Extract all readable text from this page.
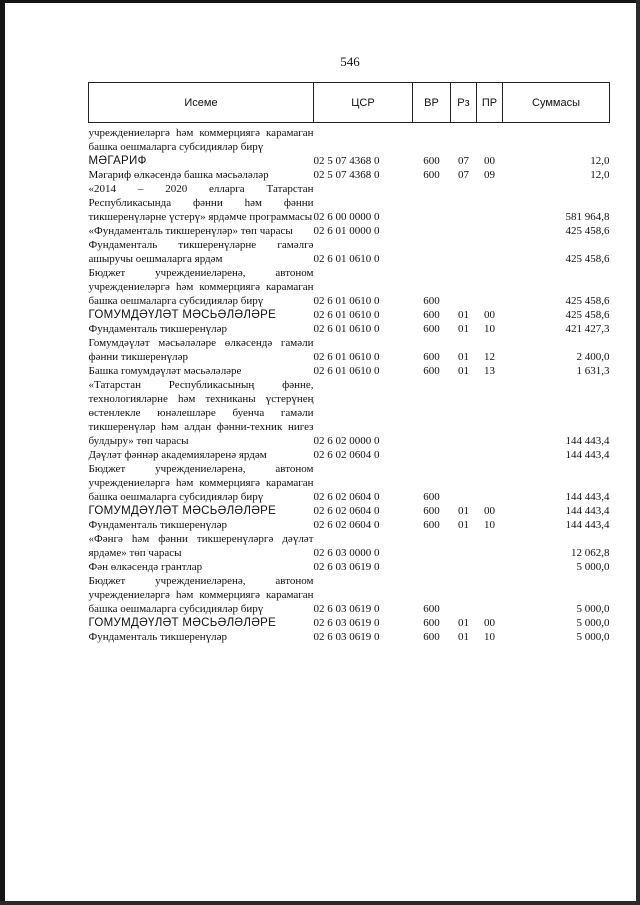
546
Исеме	ЦСР	ВР	Рз	ПР	Суммасы
учреждениеләргә һәм коммерциягә карамаган башка оешмаларга субсидияләр бирү					
МӘГАРИФ	02 5 07 4368 0	600	07	00	12,0
Мәгариф өлкәсендә башка мәсьәләләр	02 5 07 4368 0	600	07	09	12,0
«2014 – 2020 елларга Татарстан Республикасында фәнни һәм фәнни тикшеренүләрне үстерү» ярдәмче программасы	02 6 00 0000 0				581 964,8
«Фундаменталь тикшеренүләр» төп чарасы	02 6 01 0000 0				425 458,6
Фундаменталь тикшеренүләрне гамәлгә ашыручы оешмаларга ярдәм	02 6 01 0610 0				425 458,6
Бюджет учреждениеләренә, автоном учреждениеләргә һәм коммерциягә карамаган башка оешмаларга субсидияләр бирү	02 6 01 0610 0	600			425 458,6
ГОМУМДӘҮЛӘТ МӘСЬӘЛӘЛӘРЕ	02 6 01 0610 0	600	01	00	425 458,6
Фундаменталь тикшеренүләр	02 6 01 0610 0	600	01	10	421 427,3
Гомумдәүләт мәсьәләләре өлкәсендә гамәли фәнни тикшеренүләр	02 6 01 0610 0	600	01	12	2 400,0
Башка гомумдәүләт мәсьәләләре	02 6 01 0610 0	600	01	13	1 631,3
«Татарстан Республикасының фәнне, технологияләрне һәм техниканы үстерүнең өстенлекле юнәлешләре буенча гамәли тикшеренүләр һәм алдан фәнни-техник нигез булдыру» төп чарасы	02 6 02 0000 0				144 443,4
Дәүләт фәннәр академияләренә ярдәм	02 6 02 0604 0				144 443,4
Бюджет учреждениеләренә, автоном учреждениеләргә һәм коммерциягә карамаган башка оешмаларга субсидияләр бирү	02 6 02 0604 0	600			144 443,4
ГОМУМДӘҮЛӘТ МӘСЬӘЛӘЛӘРЕ	02 6 02 0604 0	600	01	00	144 443,4
Фундаменталь тикшеренүләр	02 6 02 0604 0	600	01	10	144 443,4
«Фәнгә һәм фәнни тикшеренүләргә дәүләт ярдәме» төп чарасы	02 6 03 0000 0				12 062,8
Фән өлкәсендә грантлар	02 6 03 0619 0				5 000,0
Бюджет учреждениеләренә, автоном учреждениеләргә һәм коммерциягә карамаган башка оешмаларга субсидияләр бирү	02 6 03 0619 0	600			5 000,0
ГОМУМДӘҮЛӘТ МӘСЬӘЛӘЛӘРЕ	02 6 03 0619 0	600	01	00	5 000,0
Фундаменталь тикшеренүләр	02 6 03 0619 0	600	01	10	5 000,0
